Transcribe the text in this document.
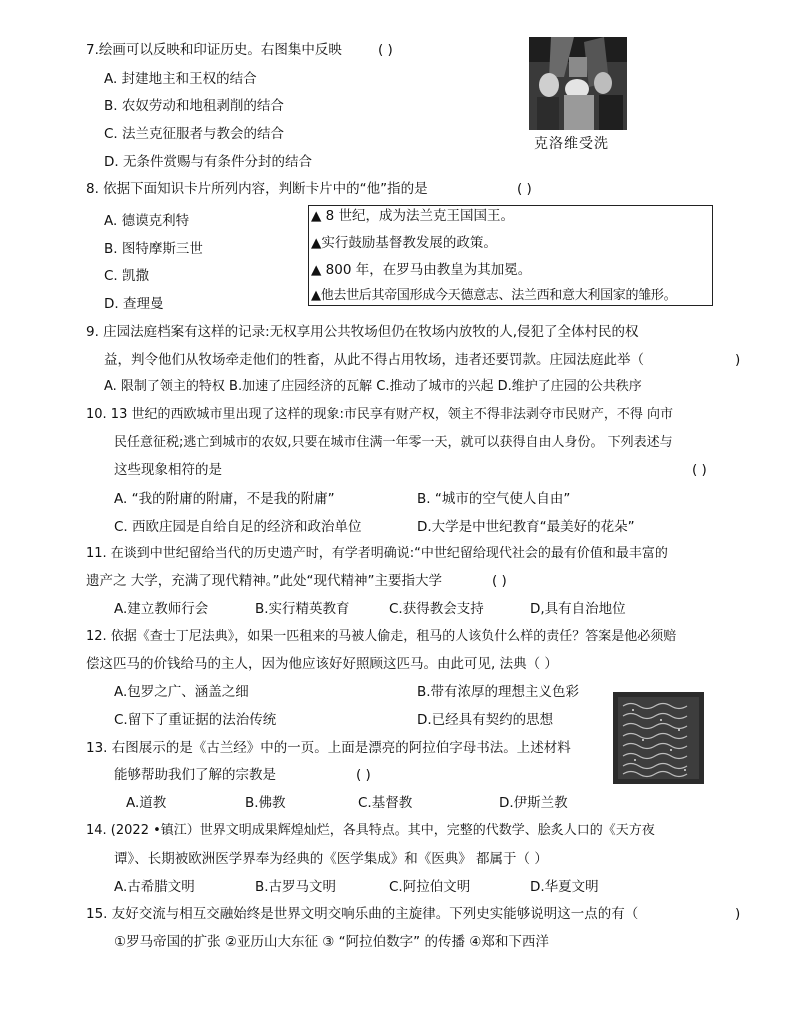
7.绘画可以反映和印证历史。右图集中反映	( )
A. 封建地主和王权的结合
B. 农奴劳动和地租剥削的结合
C. 法兰克征服者与教会的结合
D. 无条件赏赐与有条件分封的结合
克洛维受洗
8. 依据下面知识卡片所列内容，判断卡片中的“他”指的是	( )
A. 德谟克利特
B. 图特摩斯三世
C. 凯撒
D. 查理曼
▲ 8 世纪，成为法兰克王国国王。
▲实行鼓励基督教发展的政策。
▲ 800 年，在罗马由教皇为其加冕。
▲他去世后其帝国形成今天德意志、法兰西和意大利国家的雏形。
9. 庄园法庭档案有这样的记录:无权享用公共牧场但仍在牧场内放牧的人,侵犯了全体村民的权
益，判令他们从牧场牵走他们的牲畜，从此不得占用牧场，违者还要罚款。庄园法庭此举（	)
A. 限制了领主的特权 B.加速了庄园经济的瓦解 C.推动了城市的兴起 D.维护了庄园的公共秩序
10. 13 世纪的西欧城市里出现了这样的现象:市民享有财产权，领主不得非法剥夺市民财产，不得 向市
民任意征税;逃亡到城市的农奴,只要在城市住满一年零一天，就可以获得自由人身份。 下列表述与
这些现象相符的是	( )
A. “我的附庸的附庸，不是我的附庸”	B. “城市的空气使人自由”
C. 西欧庄园是自给自足的经济和政治单位	D.大学是中世纪教育“最美好的花朵”
11. 在谈到中世纪留给当代的历史遗产时，有学者明确说:“中世纪留给现代社会的最有价值和最丰富的
遗产之 大学，充满了现代精神。”此处“现代精神”主要指大学	( )
A.建立教师行会	B.实行精英教育	C.获得教会支持	D,具有自治地位
12. 依据《查士丁尼法典》，如果一匹租来的马被人偷走，租马的人该负什么样的责任？答案是他必须赔
偿这匹马的价钱给马的主人，因为他应该好好照顾这匹马。由此可见, 法典（ ）
A.包罗之广、涵盖之细	B.带有浓厚的理想主义色彩
C.留下了重证据的法治传统	D.已经具有契约的思想
13. 右图展示的是《古兰经》中的一页。上面是漂亮的阿拉伯字母书法。上述材料
能够帮助我们了解的宗教是	( )
A.道教	B.佛教	C.基督教	D.伊斯兰教
14. (2022 •镇江）世界文明成果辉煌灿烂，各具特点。其中，完整的代数学、脍炙人口的《天方夜
谭》、长期被欧洲医学界奉为经典的《医学集成》和《医典》 都属于（ ）
A.古希腊文明	B.古罗马文明	C.阿拉伯文明	D.华夏文明
15. 友好交流与相互交融始终是世界文明交响乐曲的主旋律。下列史实能够说明这一点的有（	)
①罗马帝国的扩张 ②亚历山大东征 ③ “阿拉伯数字” 的传播 ④郑和下西洋
